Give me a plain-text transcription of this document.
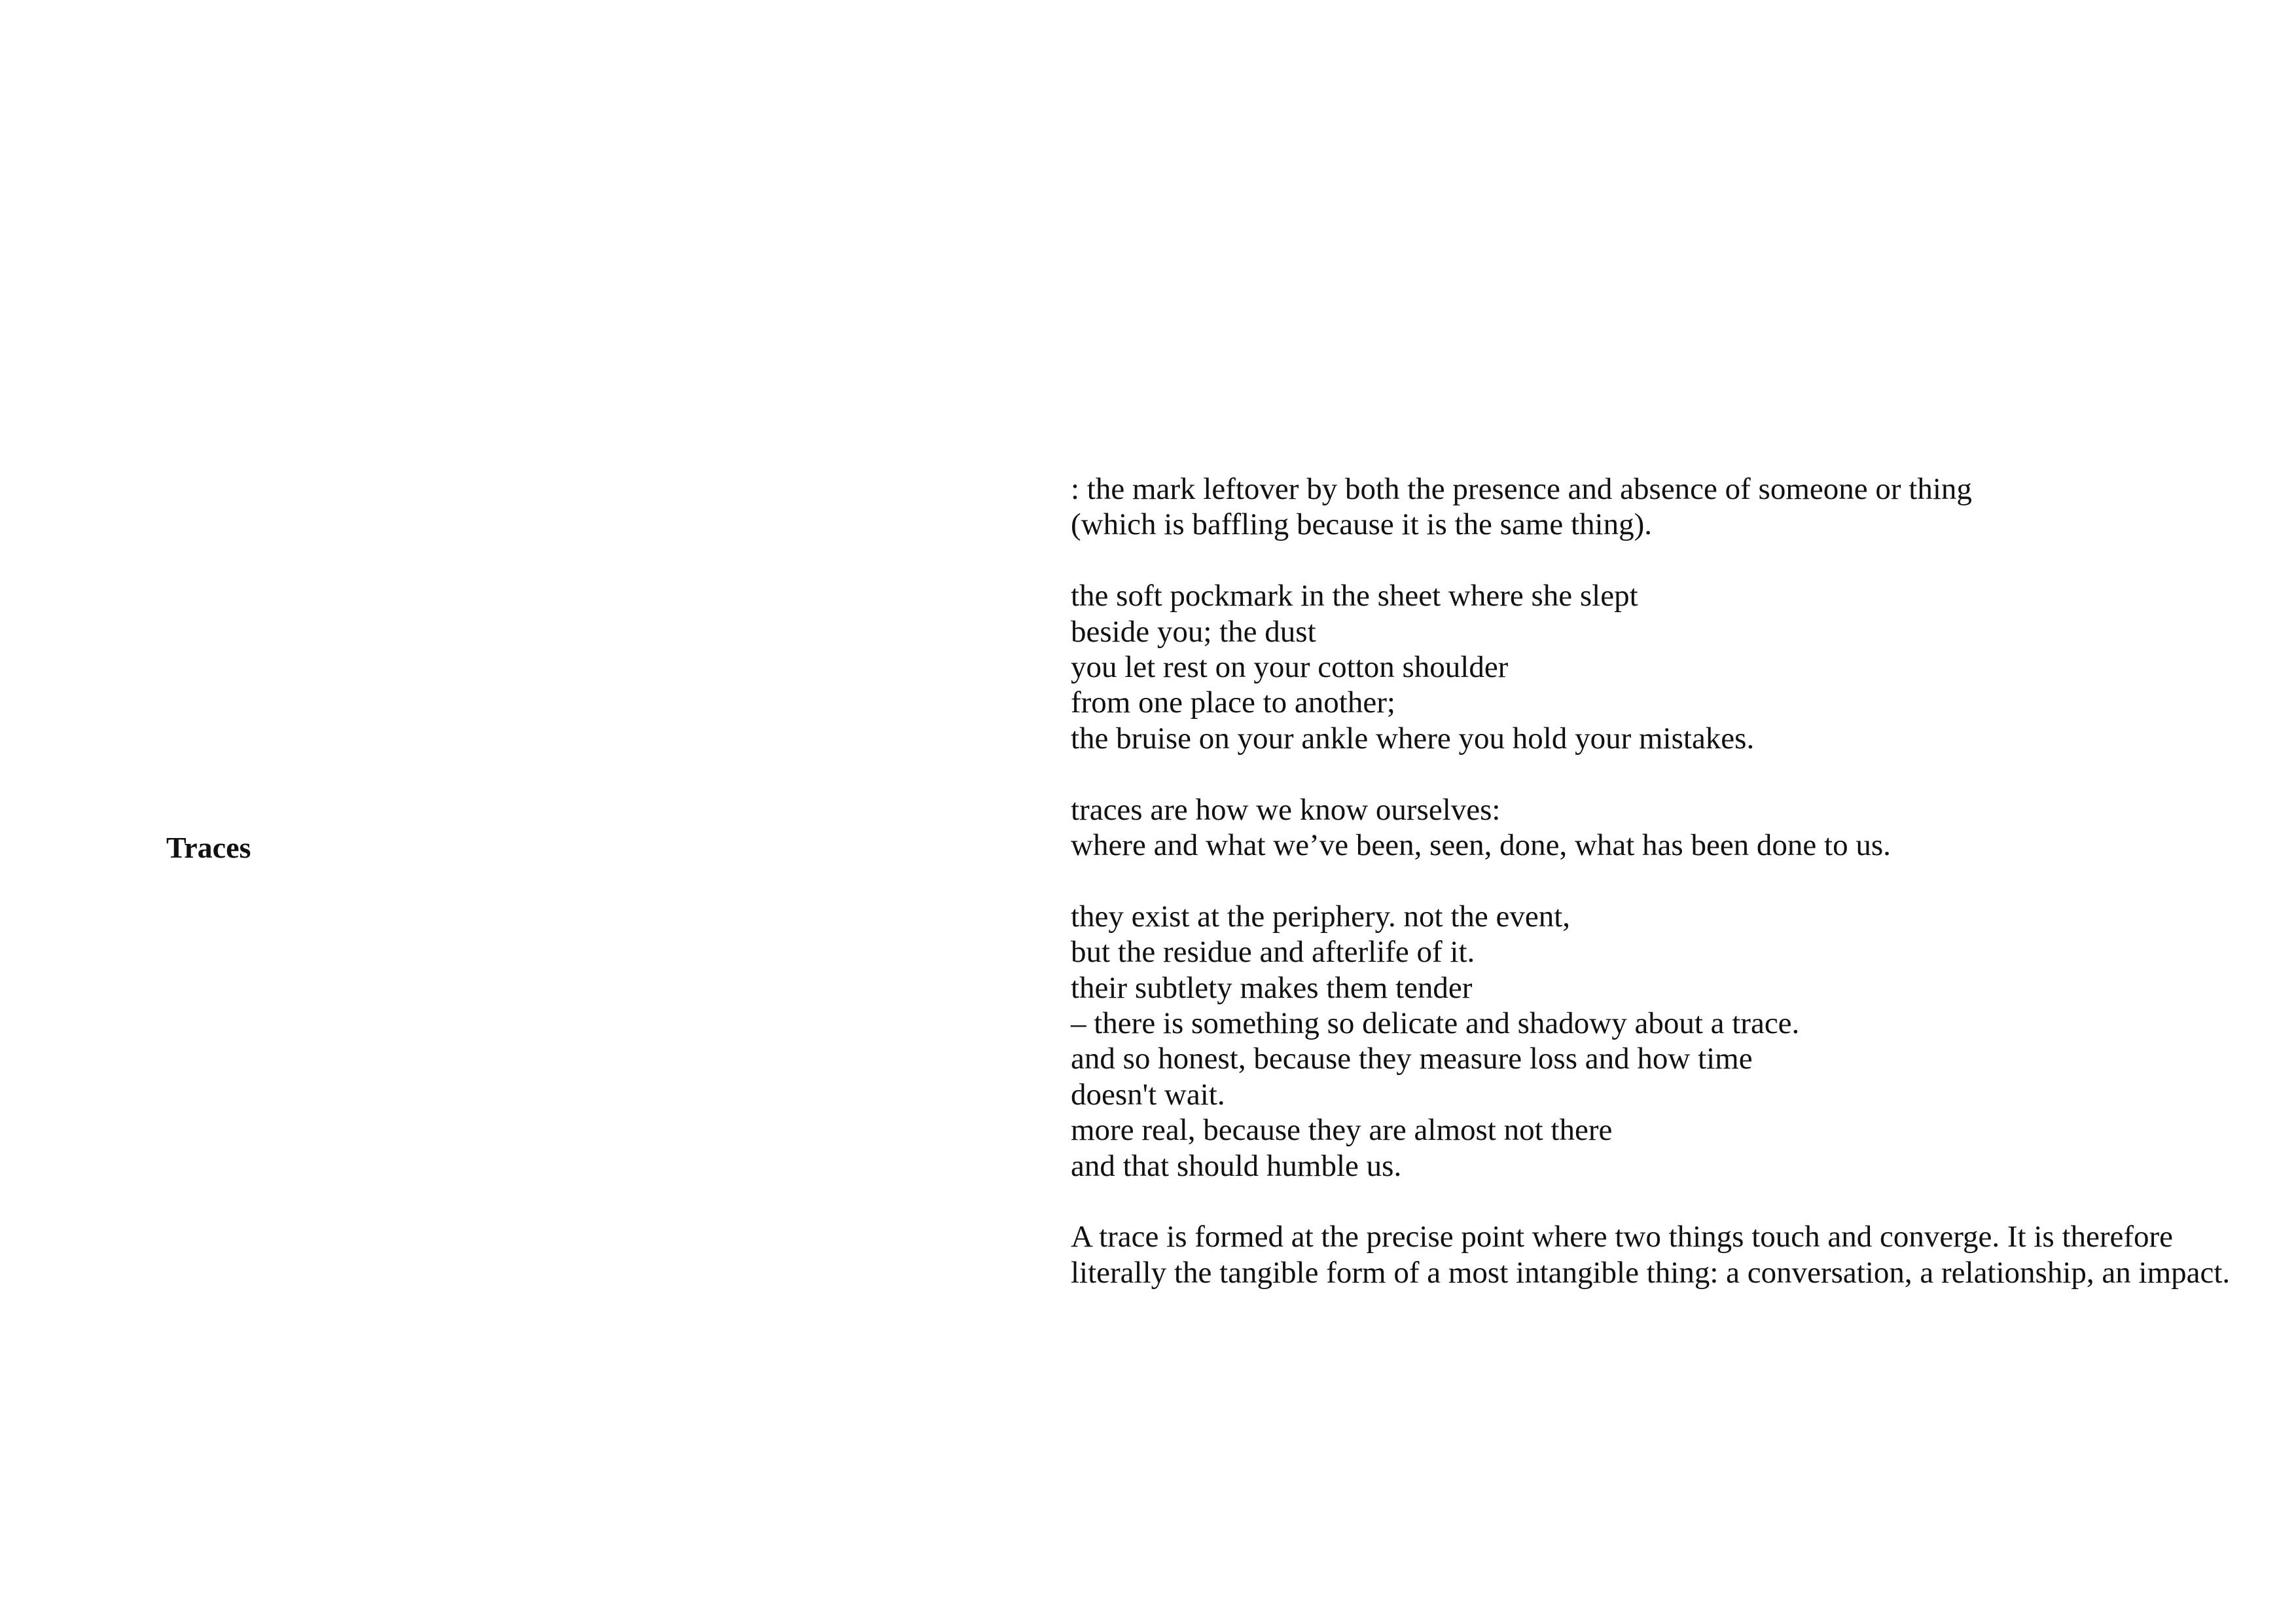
Traces

: the mark leftover by both the presence and absence of someone or thing
(which is baffling because it is the same thing).

the soft pockmark in the sheet where she slept
beside you; the dust
you let rest on your cotton shoulder
from one place to another;
the bruise on your ankle where you hold your mistakes.

traces are how we know ourselves:
where and what we’ve been, seen, done, what has been done to us.

they exist at the periphery. not the event,
but the residue and afterlife of it.
their subtlety makes them tender
– there is something so delicate and shadowy about a trace.
and so honest, because they measure loss and how time
doesn't wait.
more real, because they are almost not there
and that should humble us.

A trace is formed at the precise point where two things touch and converge. It is therefore
literally the tangible form of a most intangible thing: a conversation, a relationship, an impact.
